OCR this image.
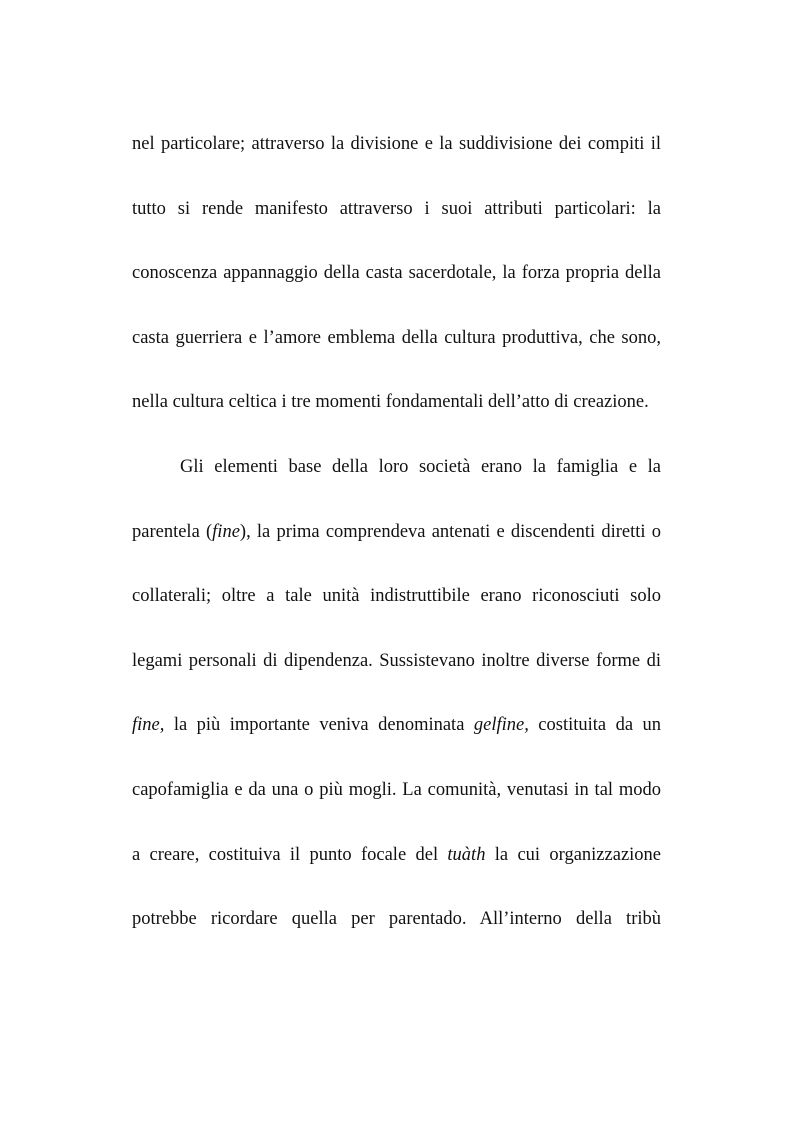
nel particolare; attraverso la divisione e la suddivisione dei compiti il
tutto si rende manifesto attraverso i suoi attributi particolari: la
conoscenza appannaggio della casta sacerdotale, la forza propria della
casta guerriera e l’amore emblema della cultura produttiva, che sono,
nella cultura celtica i tre momenti fondamentali dell’atto di creazione.
Gli elementi base della loro società erano la famiglia e la
parentela (fine), la prima comprendeva antenati e discendenti diretti o
collaterali; oltre a tale unità indistruttibile erano riconosciuti solo
legami personali di dipendenza. Sussistevano inoltre diverse forme di
fine, la più importante veniva denominata gelfine, costituita da un
capofamiglia e da una o più mogli. La comunità, venutasi in tal modo
a creare, costituiva il punto focale del tuàth la cui organizzazione
potrebbe ricordare quella per parentado. All’interno della tribù
